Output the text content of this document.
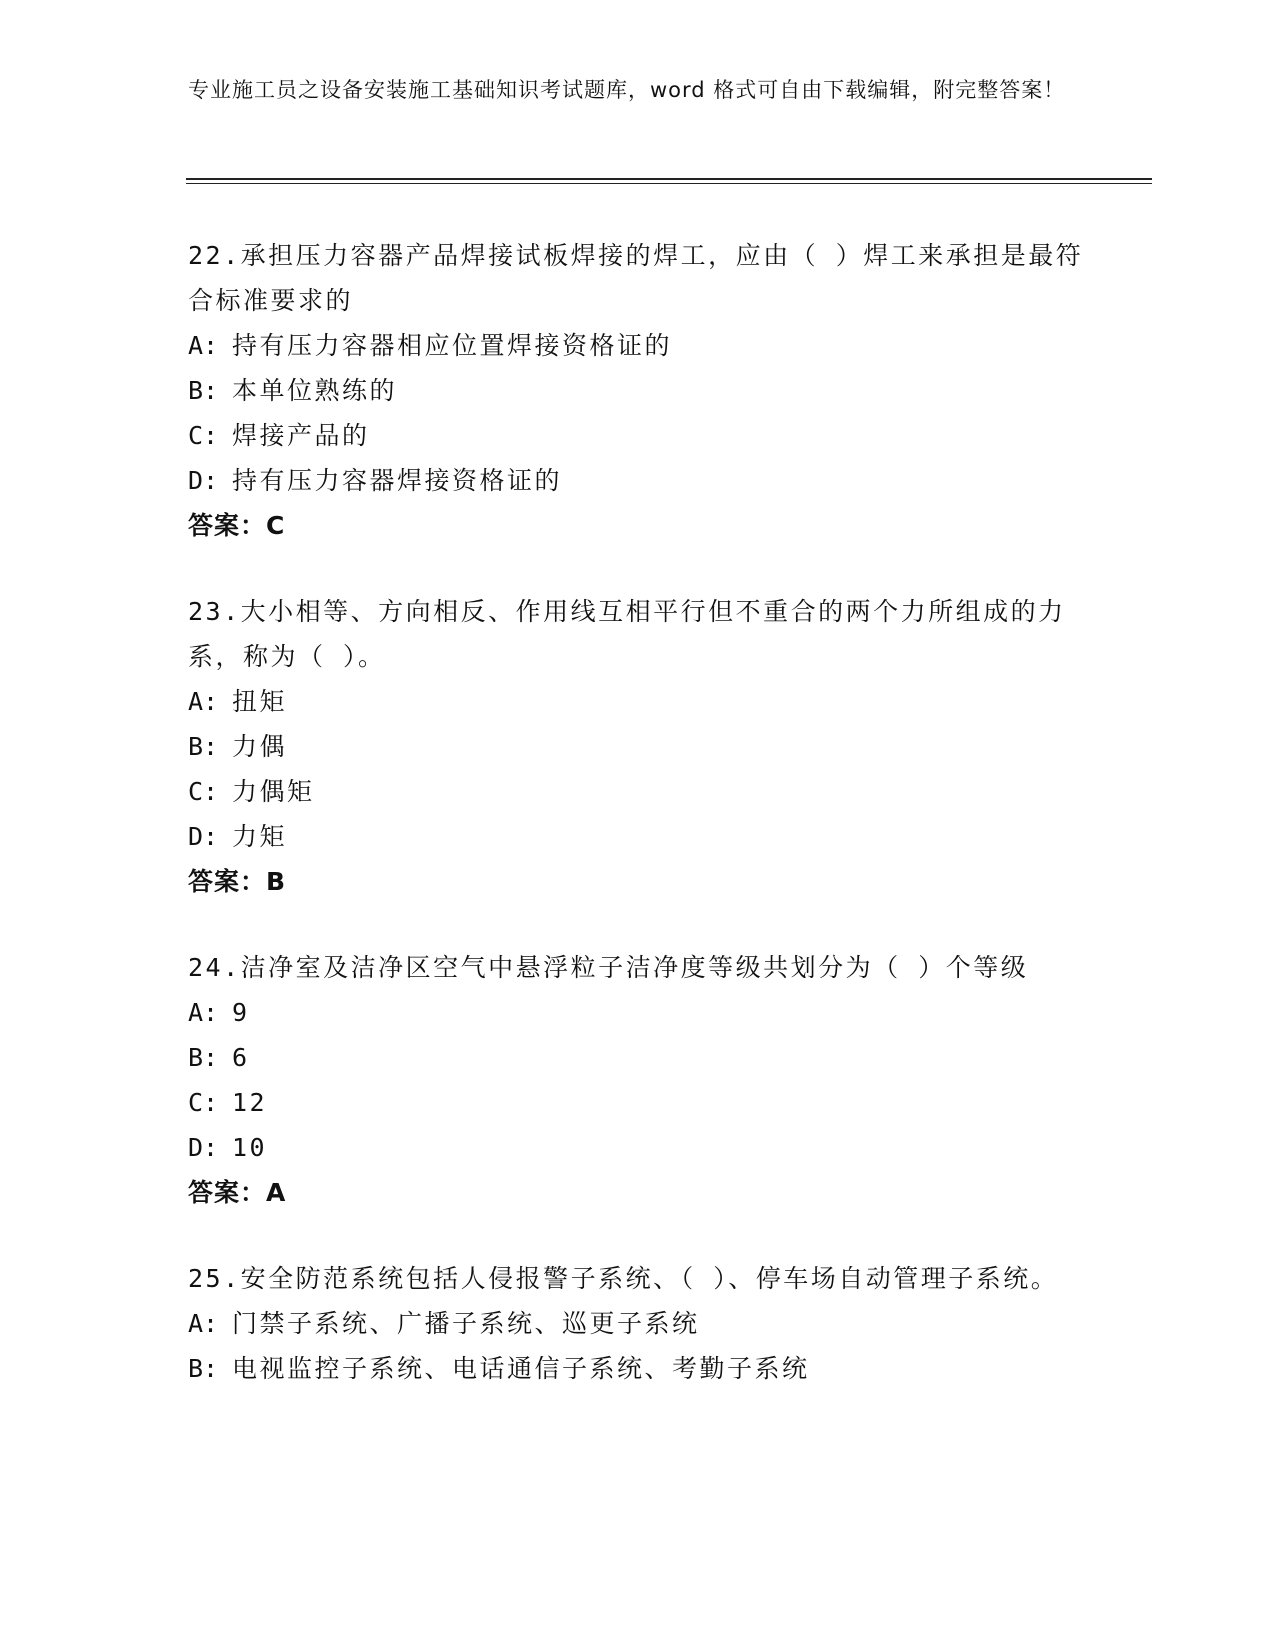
专业施工员之设备安装施工基础知识考试题库，word 格式可自由下载编辑，附完整答案！
22.承担压力容器产品焊接试板焊接的焊工，应由（ ）焊工来承担是最符合标准要求的
A: 持有压力容器相应位置焊接资格证的
B: 本单位熟练的
C: 焊接产品的
D: 持有压力容器焊接资格证的
答案：C
23.大小相等、方向相反、作用线互相平行但不重合的两个力所组成的力系，称为（ ）。
A: 扭矩
B: 力偶
C: 力偶矩
D: 力矩
答案：B
24.洁净室及洁净区空气中悬浮粒子洁净度等级共划分为（ ）个等级
A: 9
B: 6
C: 12
D: 10
答案：A
25.安全防范系统包括人侵报警子系统、（ ）、停车场自动管理子系统。
A: 门禁子系统、广播子系统、巡更子系统
B: 电视监控子系统、电话通信子系统、考勤子系统
